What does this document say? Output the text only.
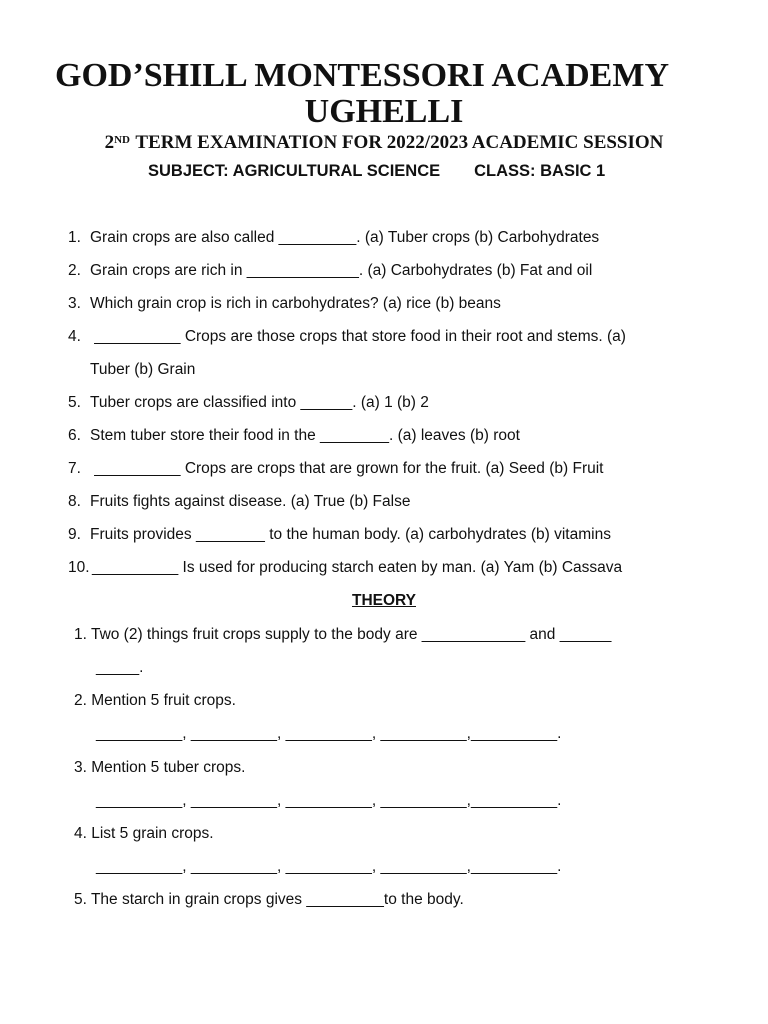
GOD’SHILL MONTESSORI ACADEMY
UGHELLI
2ND TERM EXAMINATION FOR 2022/2023 ACADEMIC SESSION
SUBJECT: AGRICULTURAL SCIENCE CLASS: BASIC 1
1. Grain crops are also called _________. (a) Tuber crops (b) Carbohydrates
2. Grain crops are rich in _____________. (a) Carbohydrates (b) Fat and oil
3. Which grain crop is rich in carbohydrates? (a) rice (b) beans
4. __________ Crops are those crops that store food in their root and stems. (a)
Tuber (b) Grain
5. Tuber crops are classified into ______. (a) 1 (b) 2
6. Stem tuber store their food in the ________. (a) leaves (b) root
7. __________ Crops are crops that are grown for the fruit. (a) Seed (b) Fruit
8. Fruits fights against disease. (a) True (b) False
9. Fruits provides ________ to the human body. (a) carbohydrates (b) vitamins
10. __________ Is used for producing starch eaten by man. (a) Yam (b) Cassava
THEORY
1. Two (2) things fruit crops supply to the body are ____________ and ______
_____.
2. Mention 5 fruit crops.
__________, __________, __________, __________,__________.
3. Mention 5 tuber crops.
__________, __________, __________, __________,__________.
4. List 5 grain crops.
__________, __________, __________, __________,__________.
5. The starch in grain crops gives _________to the body.
